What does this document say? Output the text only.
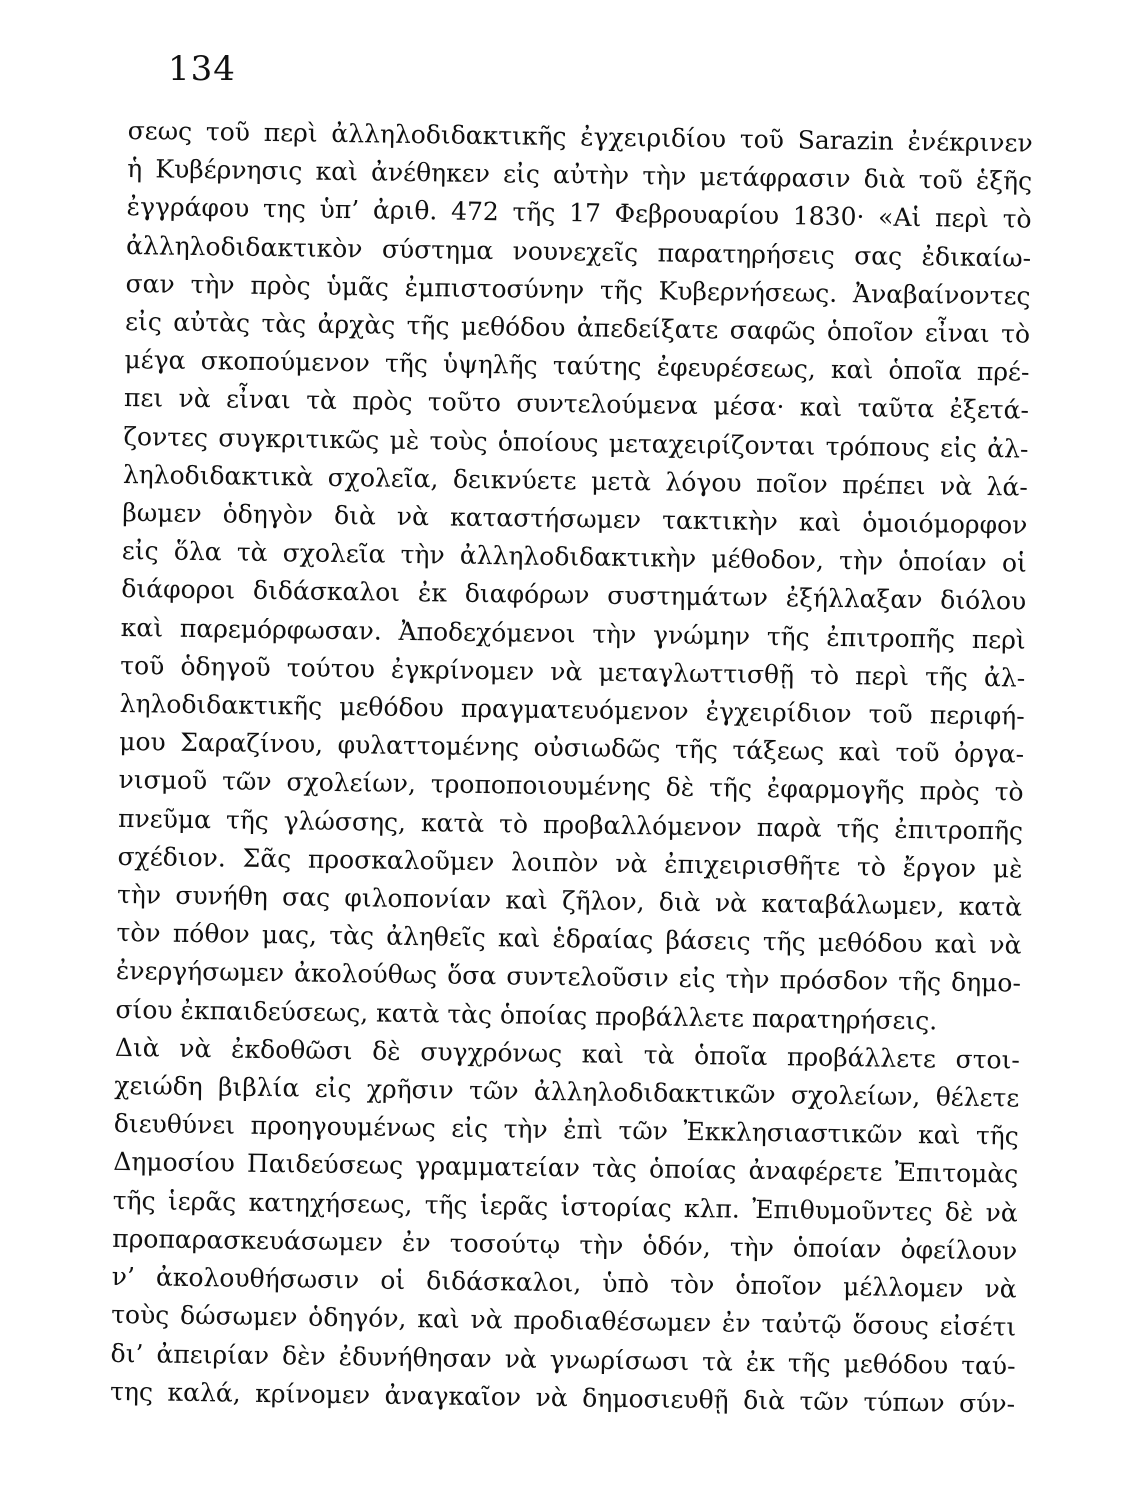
134
σεως τοῦ περὶ ἀλληλοδιδακτικῆς ἐγχειριδίου τοῦ Sarazin ἐνέκρινεν
ἡ Κυβέρνησις καὶ ἀνέθηκεν εἰς αὐτὴν τὴν μετάφρασιν διὰ τοῦ ἑξῆς
ἐγγράφου της ὑπ’ ἀριθ. 472 τῆς 17 Φεβρουαρίου 1830· «Αἱ περὶ τὸ
ἀλληλοδιδακτικὸν σύστημα νουνεχεῖς παρατηρήσεις σας ἐδικαίω-
σαν τὴν πρὸς ὑμᾶς ἐμπιστοσύνην τῆς Κυβερνήσεως. Ἀναβαίνοντες
εἰς αὐτὰς τὰς ἀρχὰς τῆς μεθόδου ἀπεδείξατε σαφῶς ὁποῖον εἶναι τὸ
μέγα σκοπούμενον τῆς ὑψηλῆς ταύτης ἐφευρέσεως, καὶ ὁποῖα πρέ-
πει νὰ εἶναι τὰ πρὸς τοῦτο συντελούμενα μέσα· καὶ ταῦτα ἐξετά-
ζοντες συγκριτικῶς μὲ τοὺς ὁποίους μεταχειρίζονται τρόπους εἰς ἀλ-
ληλοδιδακτικὰ σχολεῖα, δεικνύετε μετὰ λόγου ποῖον πρέπει νὰ λά-
βωμεν ὁδηγὸν διὰ νὰ καταστήσωμεν τακτικὴν καὶ ὁμοιόμορφον
εἰς ὅλα τὰ σχολεῖα τὴν ἀλληλοδιδακτικὴν μέθοδον, τὴν ὁποίαν οἱ
διάφοροι διδάσκαλοι ἐκ διαφόρων συστημάτων ἐξήλλαξαν διόλου
καὶ παρεμόρφωσαν. Ἀποδεχόμενοι τὴν γνώμην τῆς ἐπιτροπῆς περὶ
τοῦ ὁδηγοῦ τούτου ἐγκρίνομεν νὰ μεταγλωττισθῇ τὸ περὶ τῆς ἀλ-
ληλοδιδακτικῆς μεθόδου πραγματευόμενον ἐγχειρίδιον τοῦ περιφή-
μου Σαραζίνου, φυλαττομένης οὐσιωδῶς τῆς τάξεως καὶ τοῦ ὀργα-
νισμοῦ τῶν σχολείων, τροποποιουμένης δὲ τῆς ἐφαρμογῆς πρὸς τὸ
πνεῦμα τῆς γλώσσης, κατὰ τὸ προβαλλόμενον παρὰ τῆς ἐπιτροπῆς
σχέδιον. Σᾶς προσκαλοῦμεν λοιπὸν νὰ ἐπιχειρισθῆτε τὸ ἔργον μὲ
τὴν συνήθη σας φιλοπονίαν καὶ ζῆλον, διὰ νὰ καταβάλωμεν, κατὰ
τὸν πόθον μας, τὰς ἀληθεῖς καὶ ἑδραίας βάσεις τῆς μεθόδου καὶ νὰ
ἐνεργήσωμεν ἀκολούθως ὅσα συντελοῦσιν εἰς τὴν πρόσδον τῆς δημο-
σίου ἐκπαιδεύσεως, κατὰ τὰς ὁποίας προβάλλετε παρατηρήσεις.
Διὰ νὰ ἐκδοθῶσι δὲ συγχρόνως καὶ τὰ ὁποῖα προβάλλετε στοι-
χειώδη βιβλία εἰς χρῆσιν τῶν ἀλληλοδιδακτικῶν σχολείων, θέλετε
διευθύνει προηγουμένως εἰς τὴν ἐπὶ τῶν Ἐκκλησιαστικῶν καὶ τῆς
Δημοσίου Παιδεύσεως γραμματείαν τὰς ὁποίας ἀναφέρετε Ἐπιτομὰς
τῆς ἱερᾶς κατηχήσεως, τῆς ἱερᾶς ἱστορίας κλπ. Ἐπιθυμοῦντες δὲ νὰ
προπαρασκευάσωμεν ἐν τοσούτῳ τὴν ὁδόν, τὴν ὁποίαν ὀφείλουν
ν’ ἀκολουθήσωσιν οἱ διδάσκαλοι, ὑπὸ τὸν ὁποῖον μέλλομεν νὰ
τοὺς δώσωμεν ὁδηγόν, καὶ νὰ προδιαθέσωμεν ἐν ταὐτῷ ὅσους εἰσέτι
δι’ ἀπειρίαν δὲν ἐδυνήθησαν νὰ γνωρίσωσι τὰ ἐκ τῆς μεθόδου ταύ-
της καλά, κρίνομεν ἀναγκαῖον νὰ δημοσιευθῇ διὰ τῶν τύπων σύν-
